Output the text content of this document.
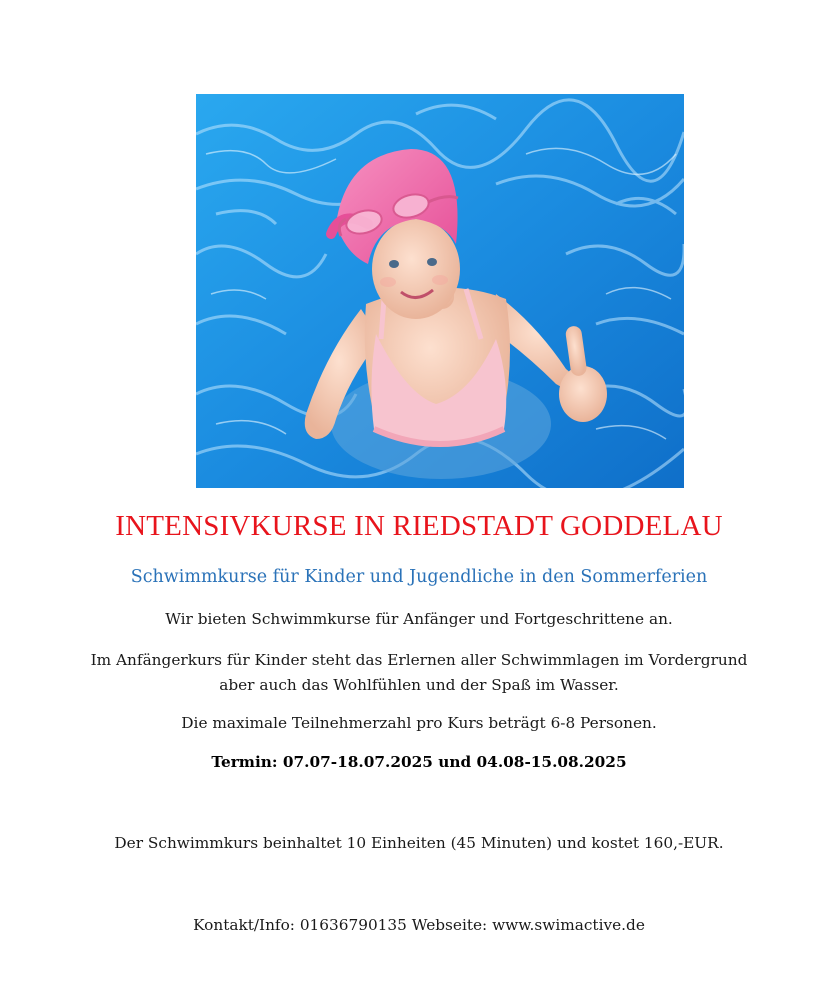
INTENSIVKURSE IN RIEDSTADT GODDELAU
Schwimmkurse für Kinder und Jugendliche in den Sommerferien
Wir bieten Schwimmkurse für Anfänger und Fortgeschrittene an.
Im Anfängerkurs für Kinder steht das Erlernen aller Schwimmlagen im Vordergrund
aber auch das Wohlfühlen und der Spaß im Wasser.
Die maximale Teilnehmerzahl pro Kurs beträgt 6-8 Personen.
Termin: 07.07-18.07.2025 und 04.08-15.08.2025
Der Schwimmkurs beinhaltet 10 Einheiten (45 Minuten) und kostet 160,-EUR.
Kontakt/Info: 01636790135 Webseite: www.swimactive.de
